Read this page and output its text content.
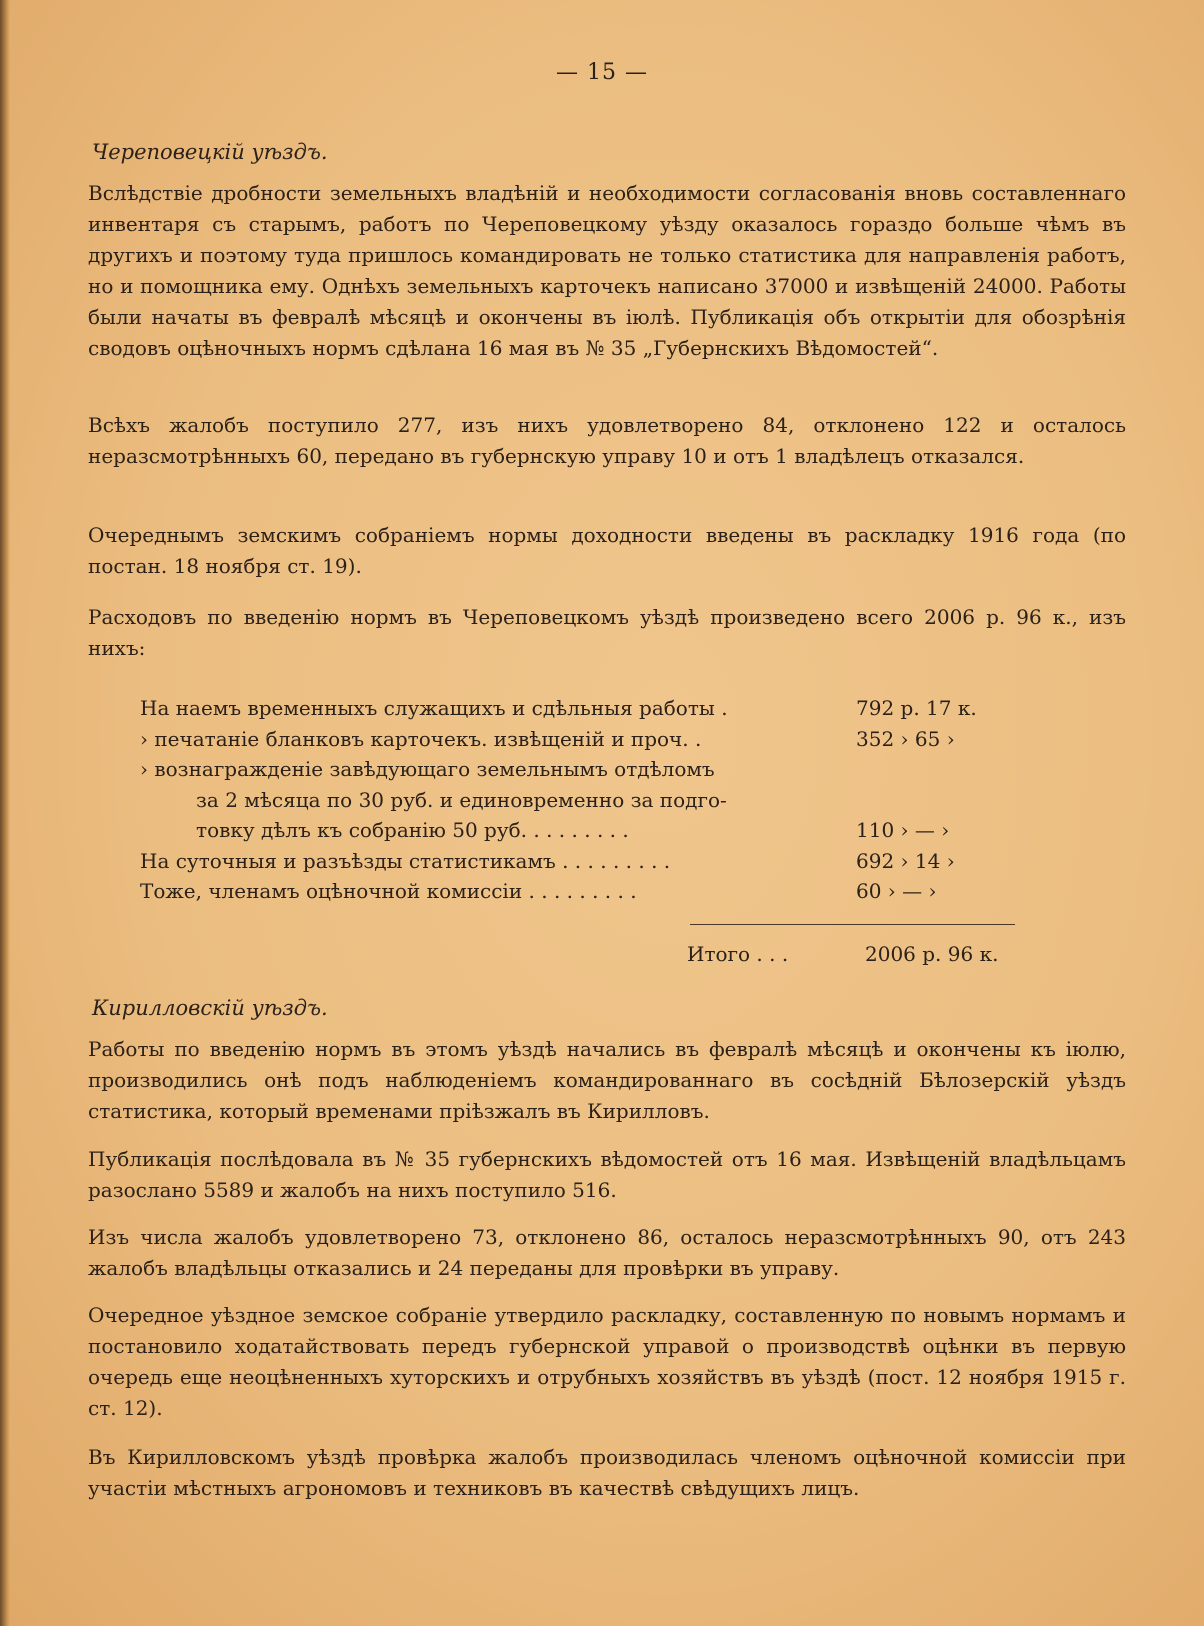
— 15 —
Череповецкій уѣздъ.
Вслѣдствіе дробности земельныхъ владѣній и необходимости согласованія вновь составленнаго инвентаря съ старымъ, работъ по Череповецкому уѣзду оказалось гораздо больше чѣмъ въ другихъ и поэтому туда пришлось командировать не только статистика для направленія работъ, но и помощника ему. Однѣхъ земельныхъ карточекъ написано 37000 и извѣщеній 24000. Работы были начаты въ февралѣ мѣсяцѣ и окончены въ іюлѣ. Публикація объ открытіи для обозрѣнія сводовъ оцѣночныхъ нормъ сдѣлана 16 мая въ № 35 „Губернскихъ Вѣдомостей“.
Всѣхъ жалобъ поступило 277, изъ нихъ удовлетворено 84, отклонено 122 и осталось неразсмотрѣнныхъ 60, передано въ губернскую управу 10 и отъ 1 владѣлецъ отказался.
Очереднымъ земскимъ собраніемъ нормы доходности введены въ раскладку 1916 года (по постан. 18 ноября ст. 19).
Расходовъ по введенію нормъ въ Череповецкомъ уѣздѣ произведено всего 2006 р. 96 к., изъ нихъ:
На наемъ временныхъ служащихъ и сдѣльныя работы .	792 р. 17 к.
› печатаніе бланковъ карточекъ. извѣщеній и проч. .	352 › 65 ›
› вознагражденіе завѣдующаго земельнымъ отдѣломъ
за 2 мѣсяца по 30 руб. и единовременно за подго-
товку дѣлъ къ собранію 50 руб. . . . . . . . .	110 › — ›
На суточныя и разъѣзды статистикамъ . . . . . . . . .	692 › 14 ›
Тоже, членамъ оцѣночной комиссіи . . . . . . . . .	60 › — ›
Итого . . .	2006 р. 96 к.
Кирилловскій уѣздъ.
Работы по введенію нормъ въ этомъ уѣздѣ начались въ февралѣ мѣсяцѣ и окончены къ іюлю, производились онѣ подъ наблюденіемъ командированнаго въ сосѣдній Бѣлозерскій уѣздъ статистика, который временами пріѣзжалъ въ Кирилловъ.
Публикація послѣдовала въ № 35 губернскихъ вѣдомостей отъ 16 мая. Извѣщеній владѣльцамъ разослано 5589 и жалобъ на нихъ поступило 516.
Изъ числа жалобъ удовлетворено 73, отклонено 86, осталось неразсмотрѣнныхъ 90, отъ 243 жалобъ владѣльцы отказались и 24 переданы для провѣрки въ управу.
Очередное уѣздное земское собраніе утвердило раскладку, составленную по новымъ нормамъ и постановило ходатайствовать передъ губернской управой о производствѣ оцѣнки въ первую очередь еще неоцѣненныхъ хуторскихъ и отрубныхъ хозяйствъ въ уѣздѣ (пост. 12 ноября 1915 г. ст. 12).
Въ Кирилловскомъ уѣздѣ провѣрка жалобъ производилась членомъ оцѣночной комиссіи при участіи мѣстныхъ агрономовъ и техниковъ въ качествѣ свѣдущихъ лицъ.
